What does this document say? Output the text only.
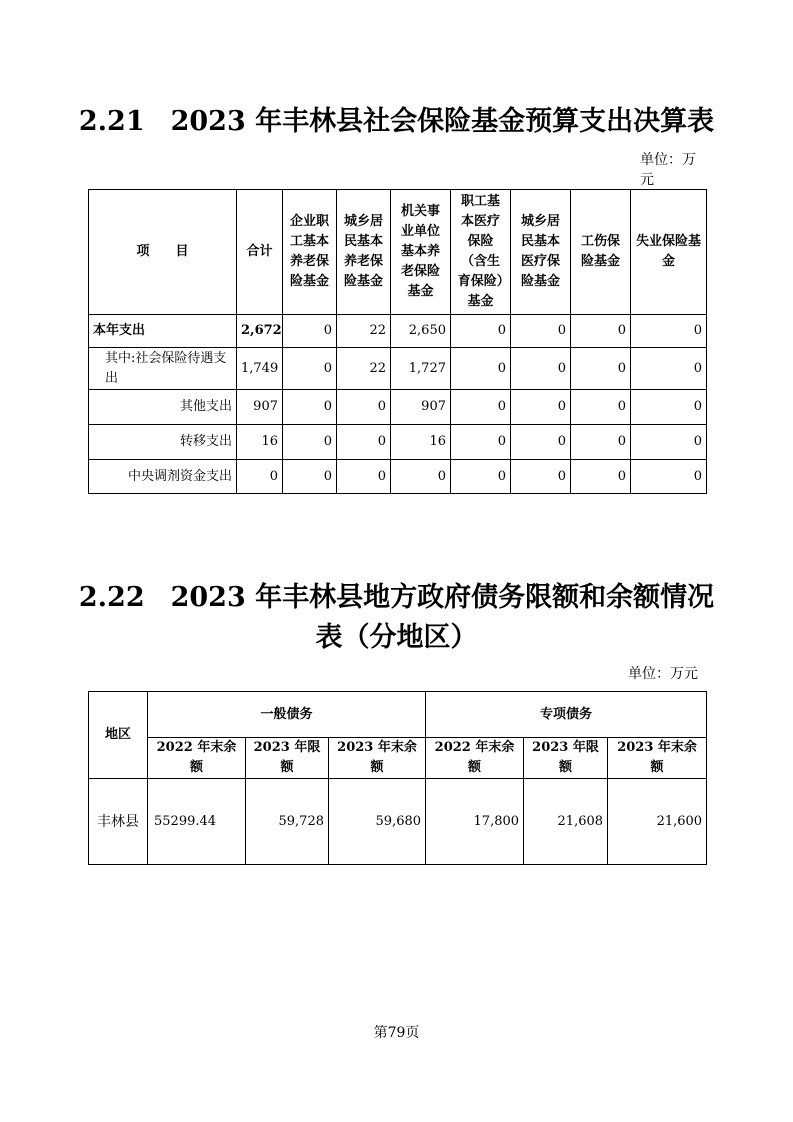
2.21 2023 年丰林县社会保险基金预算支出决算表
单位：万元
项　　目	合计	企业职工基本养老保险基金	城乡居民基本养老保险基金	机关事业单位基本养老保险基金	职工基本医疗保险（含生育保险）基金	城乡居民基本医疗保险基金	工伤保险基金	失业保险基金
本年支出	2,672	0	22	2,650	0	0	0	0
其中:社会保险待遇支出	1,749	0	22	1,727	0	0	0	0
其他支出	907	0	0	907	0	0	0	0
转移支出	16	0	0	16	0	0	0	0
中央调剂资金支出	0	0	0	0	0	0	0	0
2.22 2023 年丰林县地方政府债务限额和余额情况
表（分地区）
单位：万元
地区	一般债务			专项债务		
	2022 年末余额	2023 年限额	2023 年末余额	2022 年末余额	2023 年限额	2023 年末余额
丰林县	55299.44	59,728	59,680	17,800	21,608	21,600
第79页
